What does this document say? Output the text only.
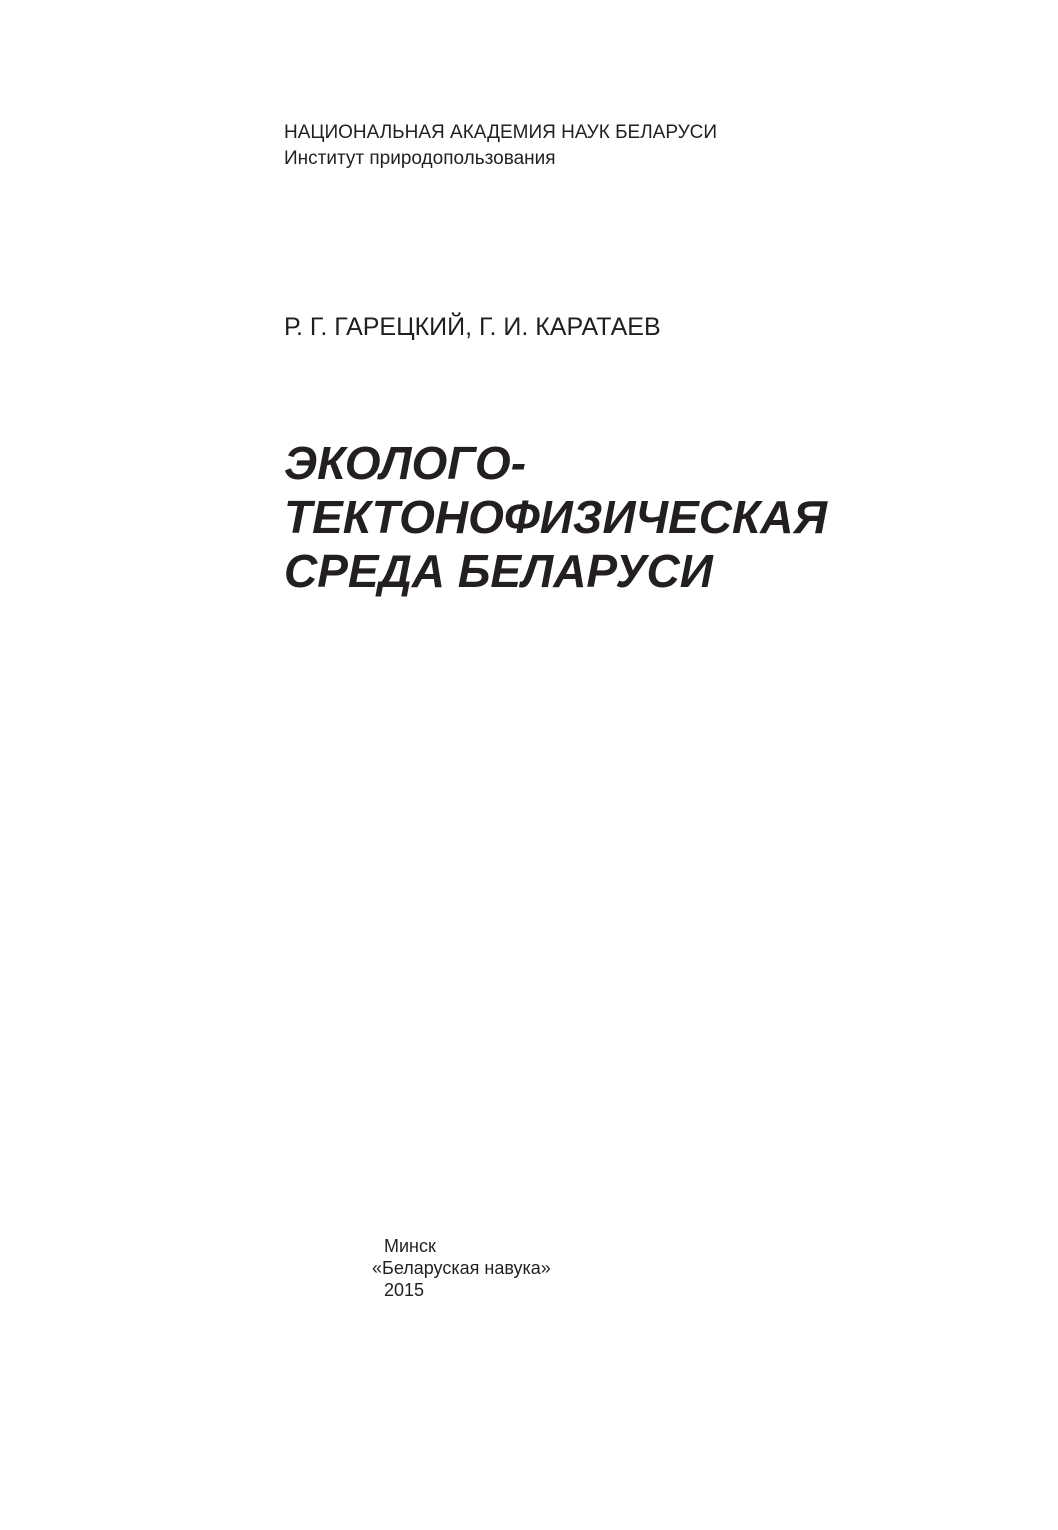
НАЦИОНАЛЬНАЯ АКАДЕМИЯ НАУК БЕЛАРУСИ
Институт природопользования
Р. Г. ГАРЕЦКИЙ, Г. И. КАРАТАЕВ
ЭКОЛОГО-
ТЕКТОНОФИЗИЧЕСКАЯ
СРЕДА БЕЛАРУСИ
Минск
«Беларуская навука»
2015
